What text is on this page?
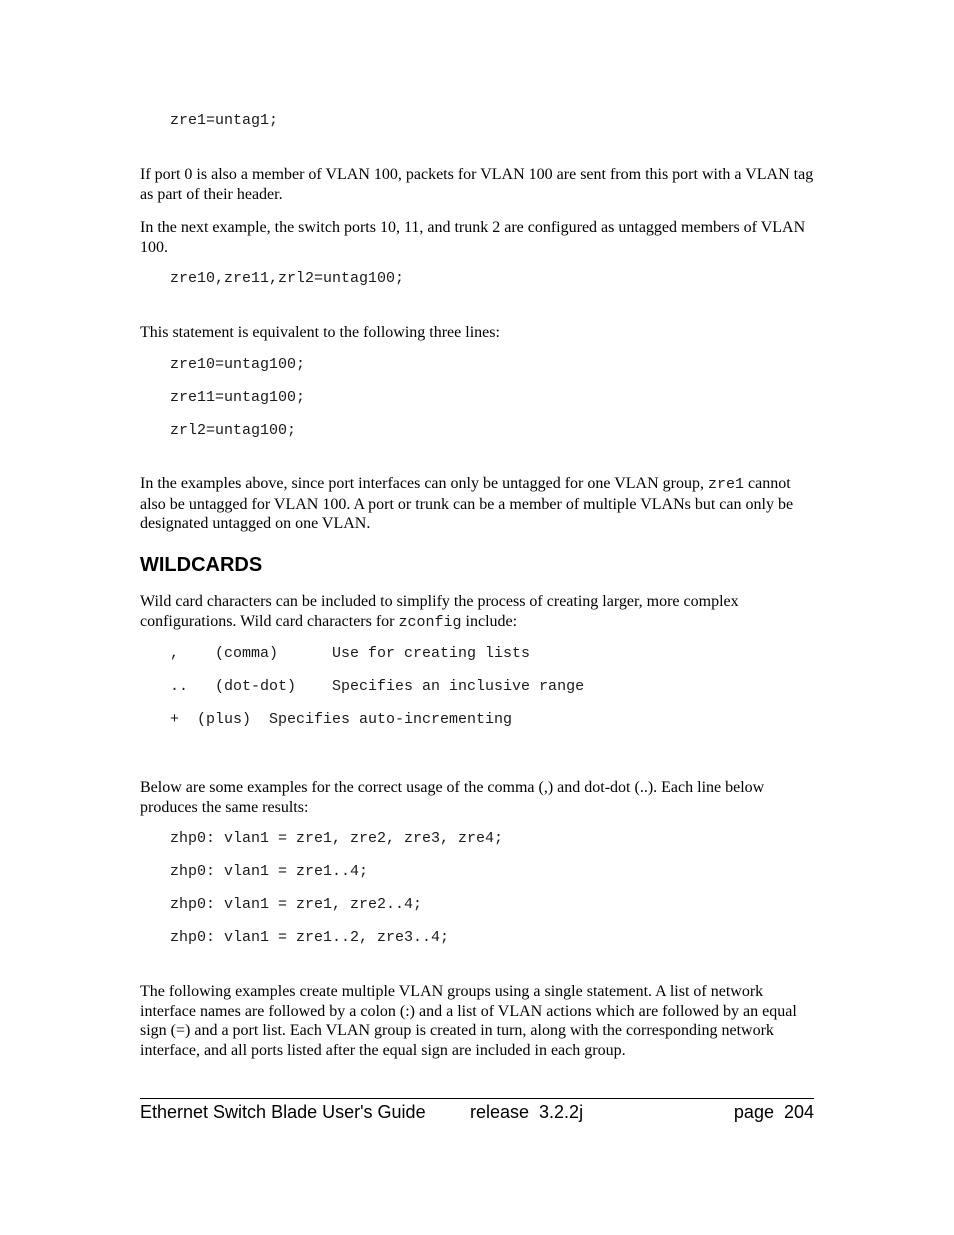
zre1=untag1;

If port 0 is also a member of VLAN 100, packets for VLAN 100 are sent from this port with a VLAN tag as part of their header.

In the next example, the switch ports 10, 11, and trunk 2 are configured as untagged members of VLAN 100.

zre10,zre11,zrl2=untag100;

This statement is equivalent to the following three lines:

zre10=untag100;

zre11=untag100;

zrl2=untag100;

In the examples above, since port interfaces can only be untagged for one VLAN group, zre1 cannot also be untagged for VLAN 100. A port or trunk can be a member of multiple VLANs but can only be designated untagged on one VLAN.

WILDCARDS

Wild card characters can be included to simplify the process of creating larger, more complex configurations. Wild card characters for zconfig include:

,    (comma)      Use for creating lists

..   (dot-dot)    Specifies an inclusive range

+  (plus)  Specifies auto-incrementing

Below are some examples for the correct usage of the comma (,) and dot-dot (..). Each line below produces the same results:

zhp0: vlan1 = zre1, zre2, zre3, zre4;

zhp0: vlan1 = zre1..4;

zhp0: vlan1 = zre1, zre2..4;

zhp0: vlan1 = zre1..2, zre3..4;

The following examples create multiple VLAN groups using a single statement. A list of network interface names are followed by a colon (:) and a list of VLAN actions which are followed by an equal sign (=) and a port list. Each VLAN group is created in turn, along with the corresponding network interface, and all ports listed after the equal sign are included in each group.

Ethernet Switch Blade User's Guide release  3.2.2j	page  204
